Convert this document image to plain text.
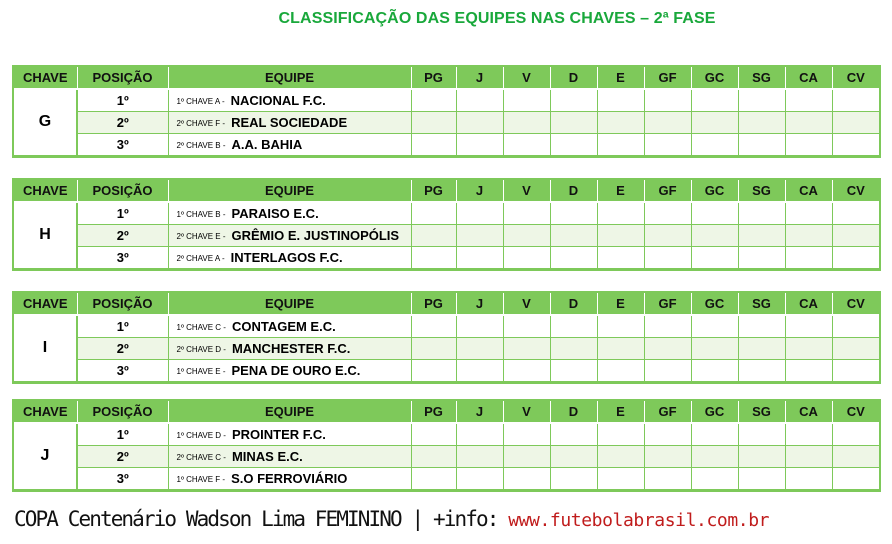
CLASSIFICAÇÃO DAS EQUIPES NAS CHAVES – 2ª FASE
CHAVE	POSIÇÃO	EQUIPE	PG	J	V	D	E	GF	GC	SG	CA	CV
G	1º	1º CHAVE A - NACIONAL F.C.										
	2º	2º CHAVE F - REAL SOCIEDADE										
	3º	2º CHAVE B - A.A. BAHIA										
CHAVE	POSIÇÃO	EQUIPE	PG	J	V	D	E	GF	GC	SG	CA	CV
H	1º	1º CHAVE B - PARAISO E.C.										
	2º	2º CHAVE E - GRÊMIO E. JUSTINOPÓLIS										
	3º	2º CHAVE A - INTERLAGOS F.C.										
CHAVE	POSIÇÃO	EQUIPE	PG	J	V	D	E	GF	GC	SG	CA	CV
I	1º	1º CHAVE C - CONTAGEM E.C.										
	2º	2º CHAVE D - MANCHESTER F.C.										
	3º	1º CHAVE E - PENA DE OURO E.C.										
CHAVE	POSIÇÃO	EQUIPE	PG	J	V	D	E	GF	GC	SG	CA	CV
J	1º	1º CHAVE D - PROINTER F.C.										
	2º	2º CHAVE C - MINAS E.C.										
	3º	1º CHAVE F - S.O FERROVIÁRIO										
COPA Centenário Wadson Lima FEMININO | +info: www.futebolabrasil.com.br
